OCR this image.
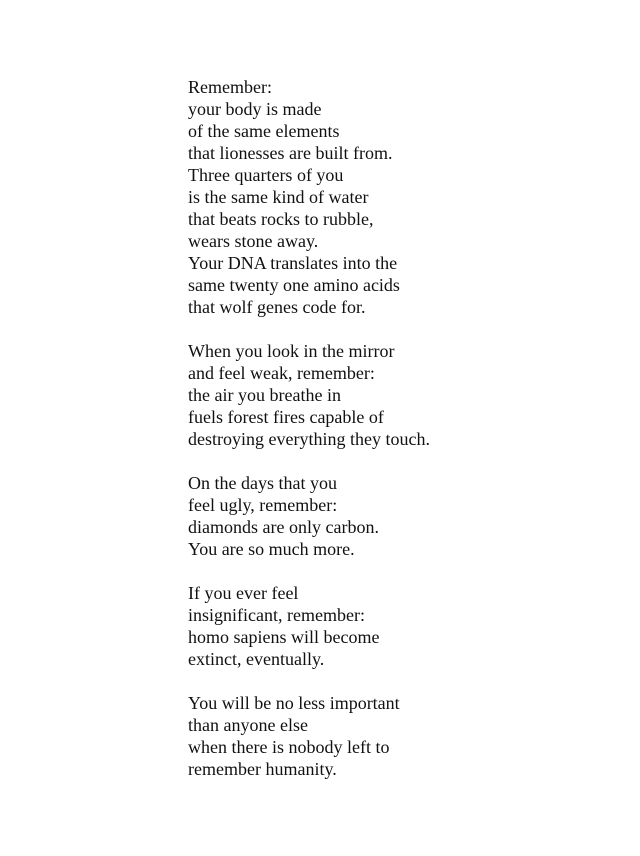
Remember:
your body is made
of the same elements
that lionesses are built from.
Three quarters of you
is the same kind of water
that beats rocks to rubble,
wears stone away.
Your DNA translates into the
same twenty one amino acids
that wolf genes code for.
When you look in the mirror
and feel weak, remember:
the air you breathe in
fuels forest fires capable of
destroying everything they touch.
On the days that you
feel ugly, remember:
diamonds are only carbon.
You are so much more.
If you ever feel
insignificant, remember:
homo sapiens will become
extinct, eventually.
You will be no less important
than anyone else
when there is nobody left to
remember humanity.
